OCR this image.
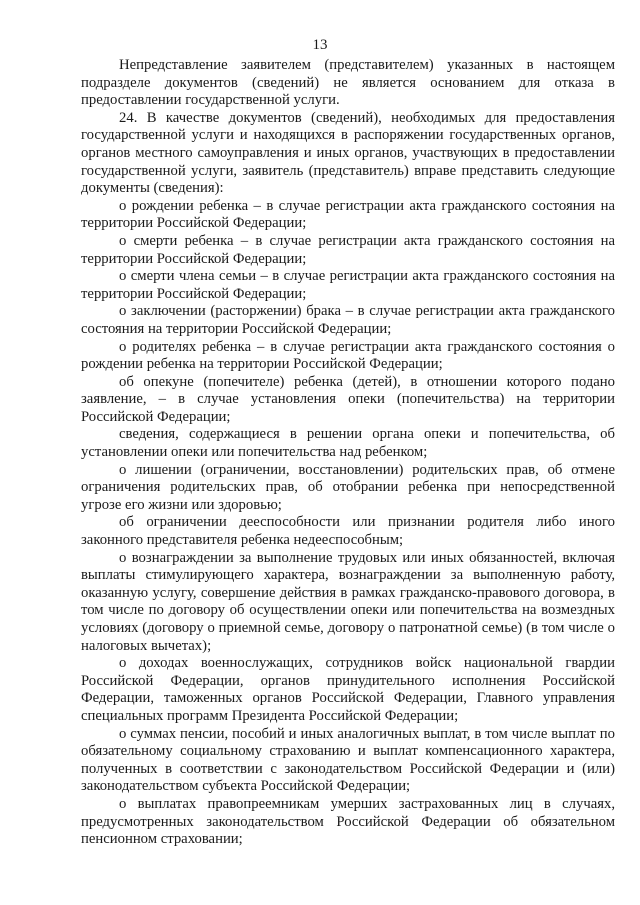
13

Непредставление заявителем (представителем) указанных в настоящем подразделе документов (сведений) не является основанием для отказа в предоставлении государственной услуги.

24. В качестве документов (сведений), необходимых для предоставления государственной услуги и находящихся в распоряжении государственных органов, органов местного самоуправления и иных органов, участвующих в предоставлении государственной услуги, заявитель (представитель) вправе представить следующие документы (сведения):

о рождении ребенка – в случае регистрации акта гражданского состояния на территории Российской Федерации;

о смерти ребенка – в случае регистрации акта гражданского состояния на территории Российской Федерации;

о смерти члена семьи – в случае регистрации акта гражданского состояния на территории Российской Федерации;

о заключении (расторжении) брака – в случае регистрации акта гражданского состояния на территории Российской Федерации;

о родителях ребенка – в случае регистрации акта гражданского состояния о рождении ребенка на территории Российской Федерации;

об опекуне (попечителе) ребенка (детей), в отношении которого подано заявление, – в случае установления опеки (попечительства) на территории Российской Федерации;

сведения, содержащиеся в решении органа опеки и попечительства, об установлении опеки или попечительства над ребенком;

о лишении (ограничении, восстановлении) родительских прав, об отмене ограничения родительских прав, об отобрании ребенка при непосредственной угрозе его жизни или здоровью;

об ограничении дееспособности или признании родителя либо иного законного представителя ребенка недееспособным;

о вознаграждении за выполнение трудовых или иных обязанностей, включая выплаты стимулирующего характера, вознаграждении за выполненную работу, оказанную услугу, совершение действия в рамках гражданско-правового договора, в том числе по договору об осуществлении опеки или попечительства на возмездных условиях (договору о приемной семье, договору о патронатной семье) (в том числе о налоговых вычетах);

о доходах военнослужащих, сотрудников войск национальной гвардии Российской Федерации, органов принудительного исполнения Российской Федерации, таможенных органов Российской Федерации, Главного управления специальных программ Президента Российской Федерации;

о суммах пенсии, пособий и иных аналогичных выплат, в том числе выплат по обязательному социальному страхованию и выплат компенсационного характера, полученных в соответствии с законодательством Российской Федерации и (или) законодательством субъекта Российской Федерации;

о выплатах правопреемникам умерших застрахованных лиц в случаях, предусмотренных законодательством Российской Федерации об обязательном пенсионном страховании;
